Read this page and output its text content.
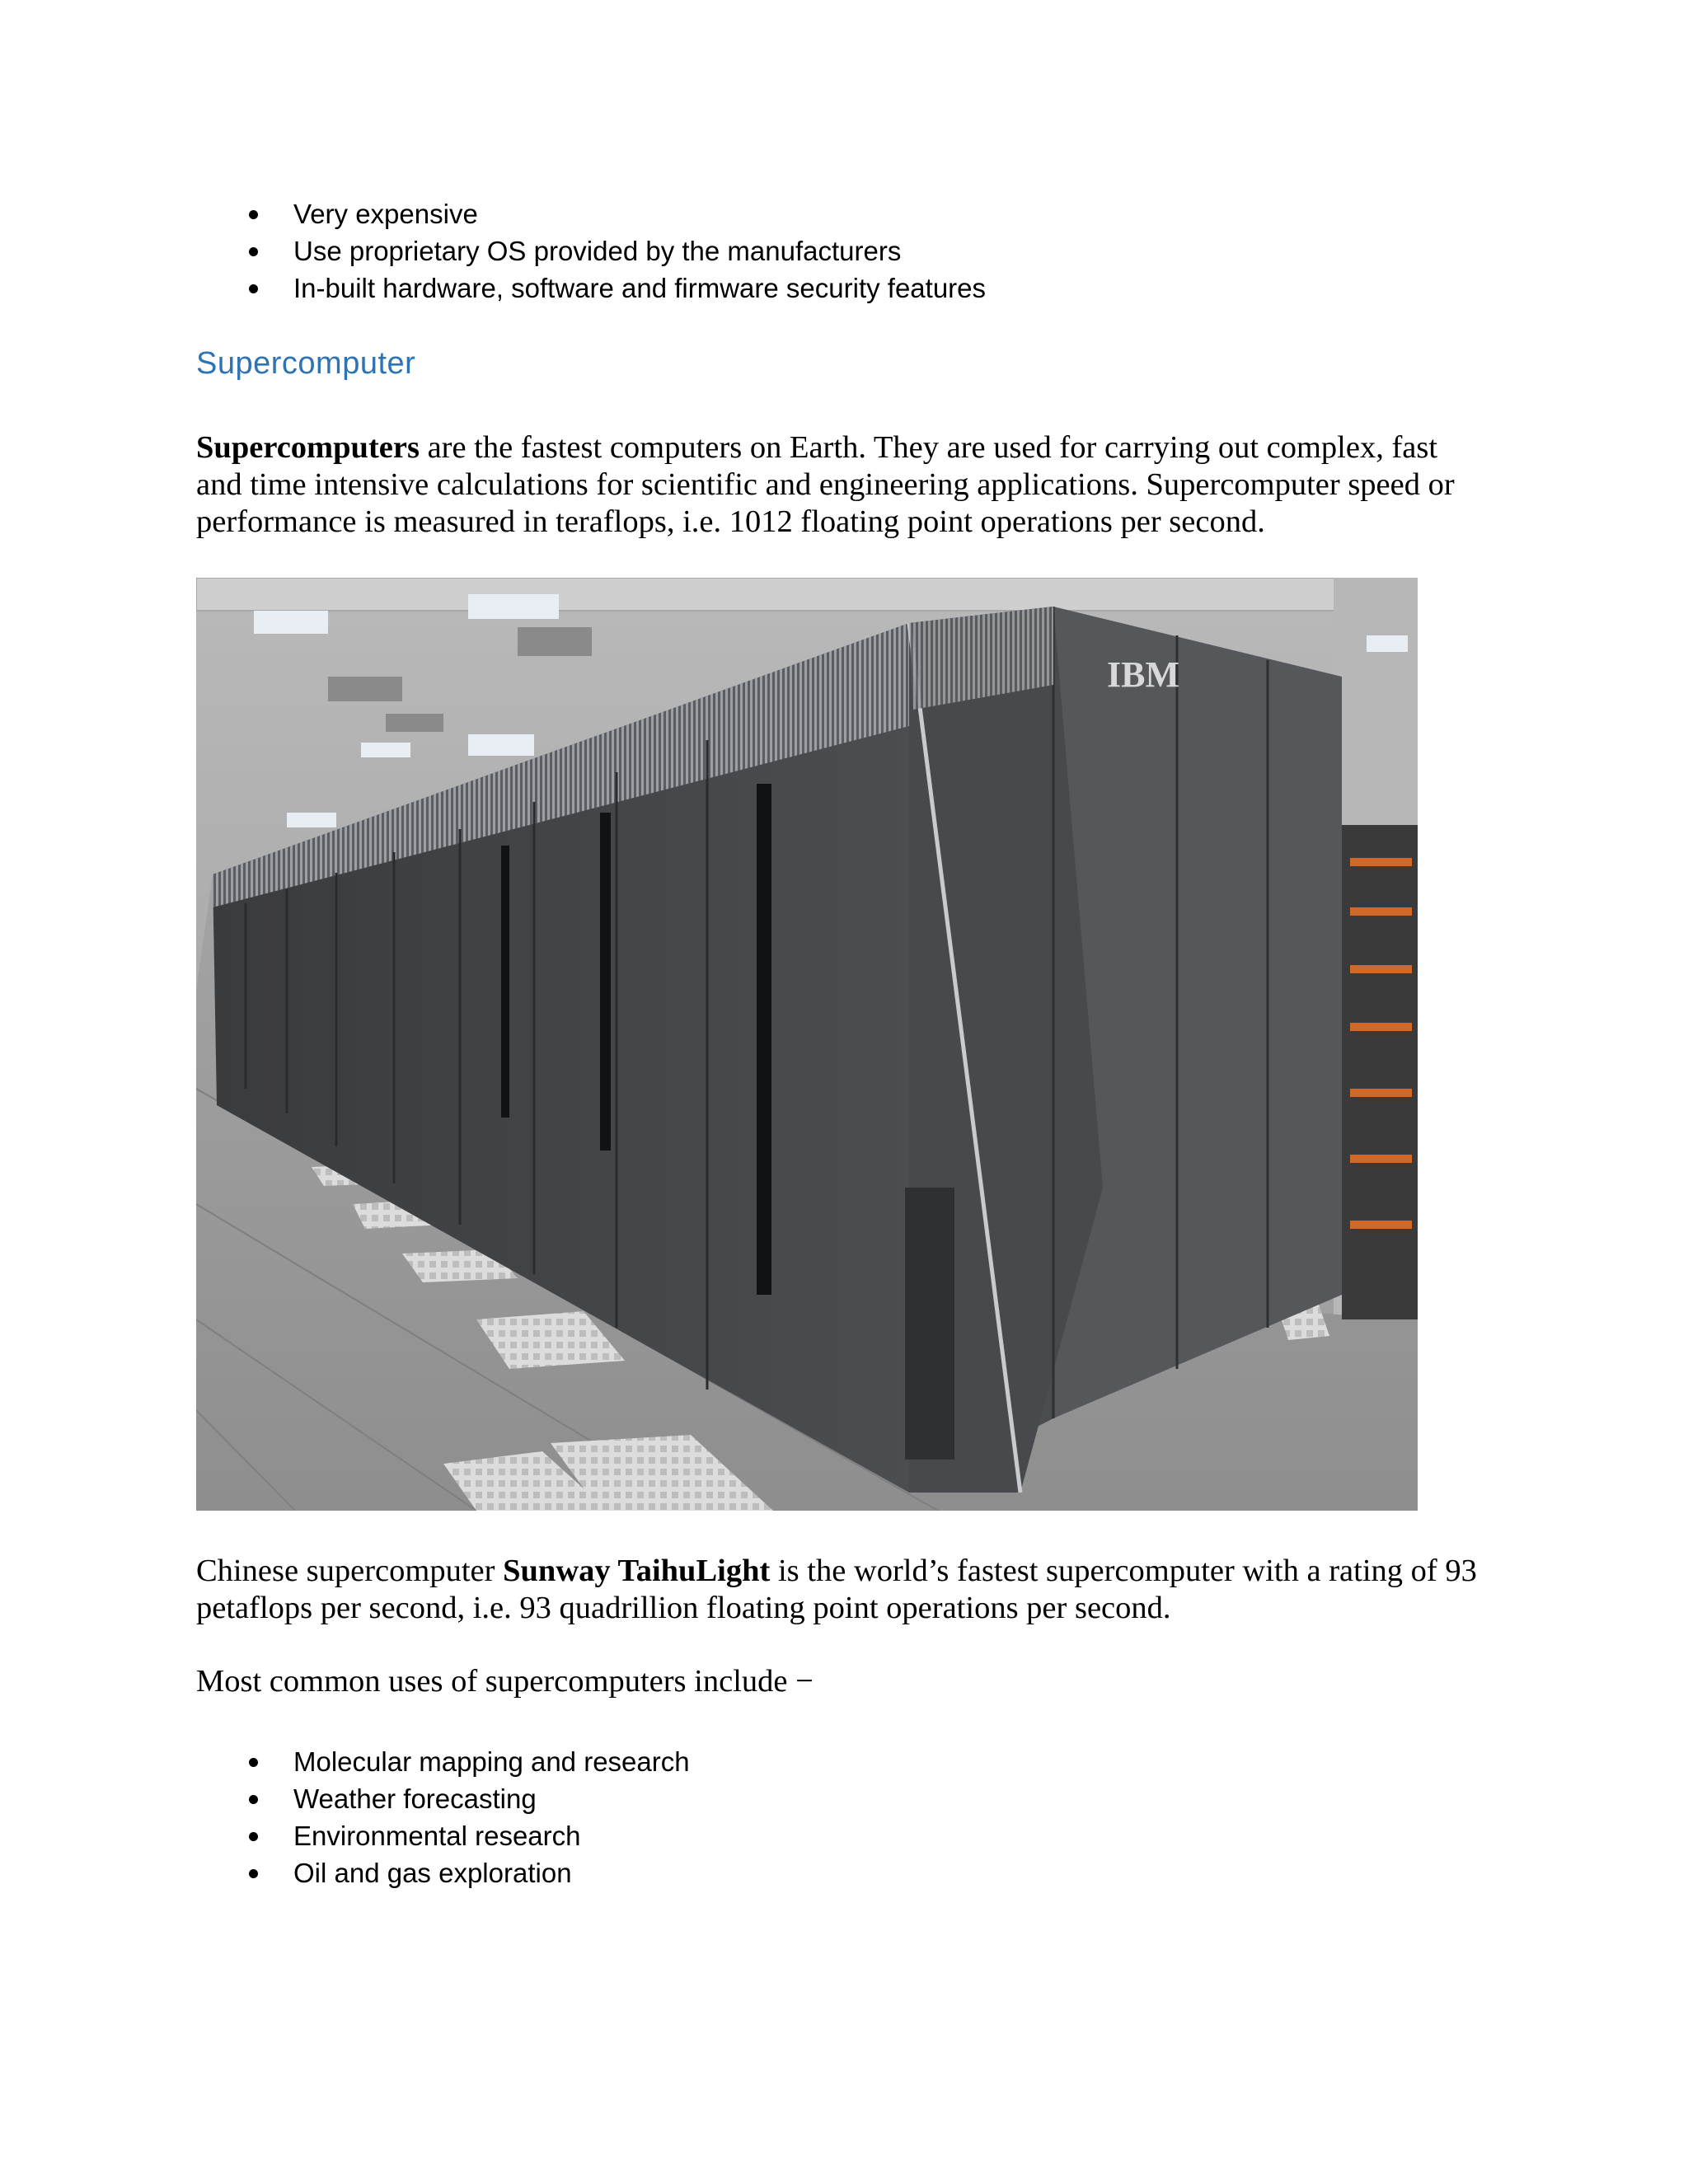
Very expensive
Use proprietary OS provided by the manufacturers
In-built hardware, software and firmware security features
Supercomputer

Supercomputers are the fastest computers on Earth. They are used for carrying out complex, fast and time intensive calculations for scientific and engineering applications. Supercomputer speed or performance is measured in teraflops, i.e. 1012 floating point operations per second.

IBM

Chinese supercomputer Sunway TaihuLight is the world’s fastest supercomputer with a rating of 93 petaflops per second, i.e. 93 quadrillion floating point operations per second.

Most common uses of supercomputers include −

Molecular mapping and research
Weather forecasting
Environmental research
Oil and gas exploration
